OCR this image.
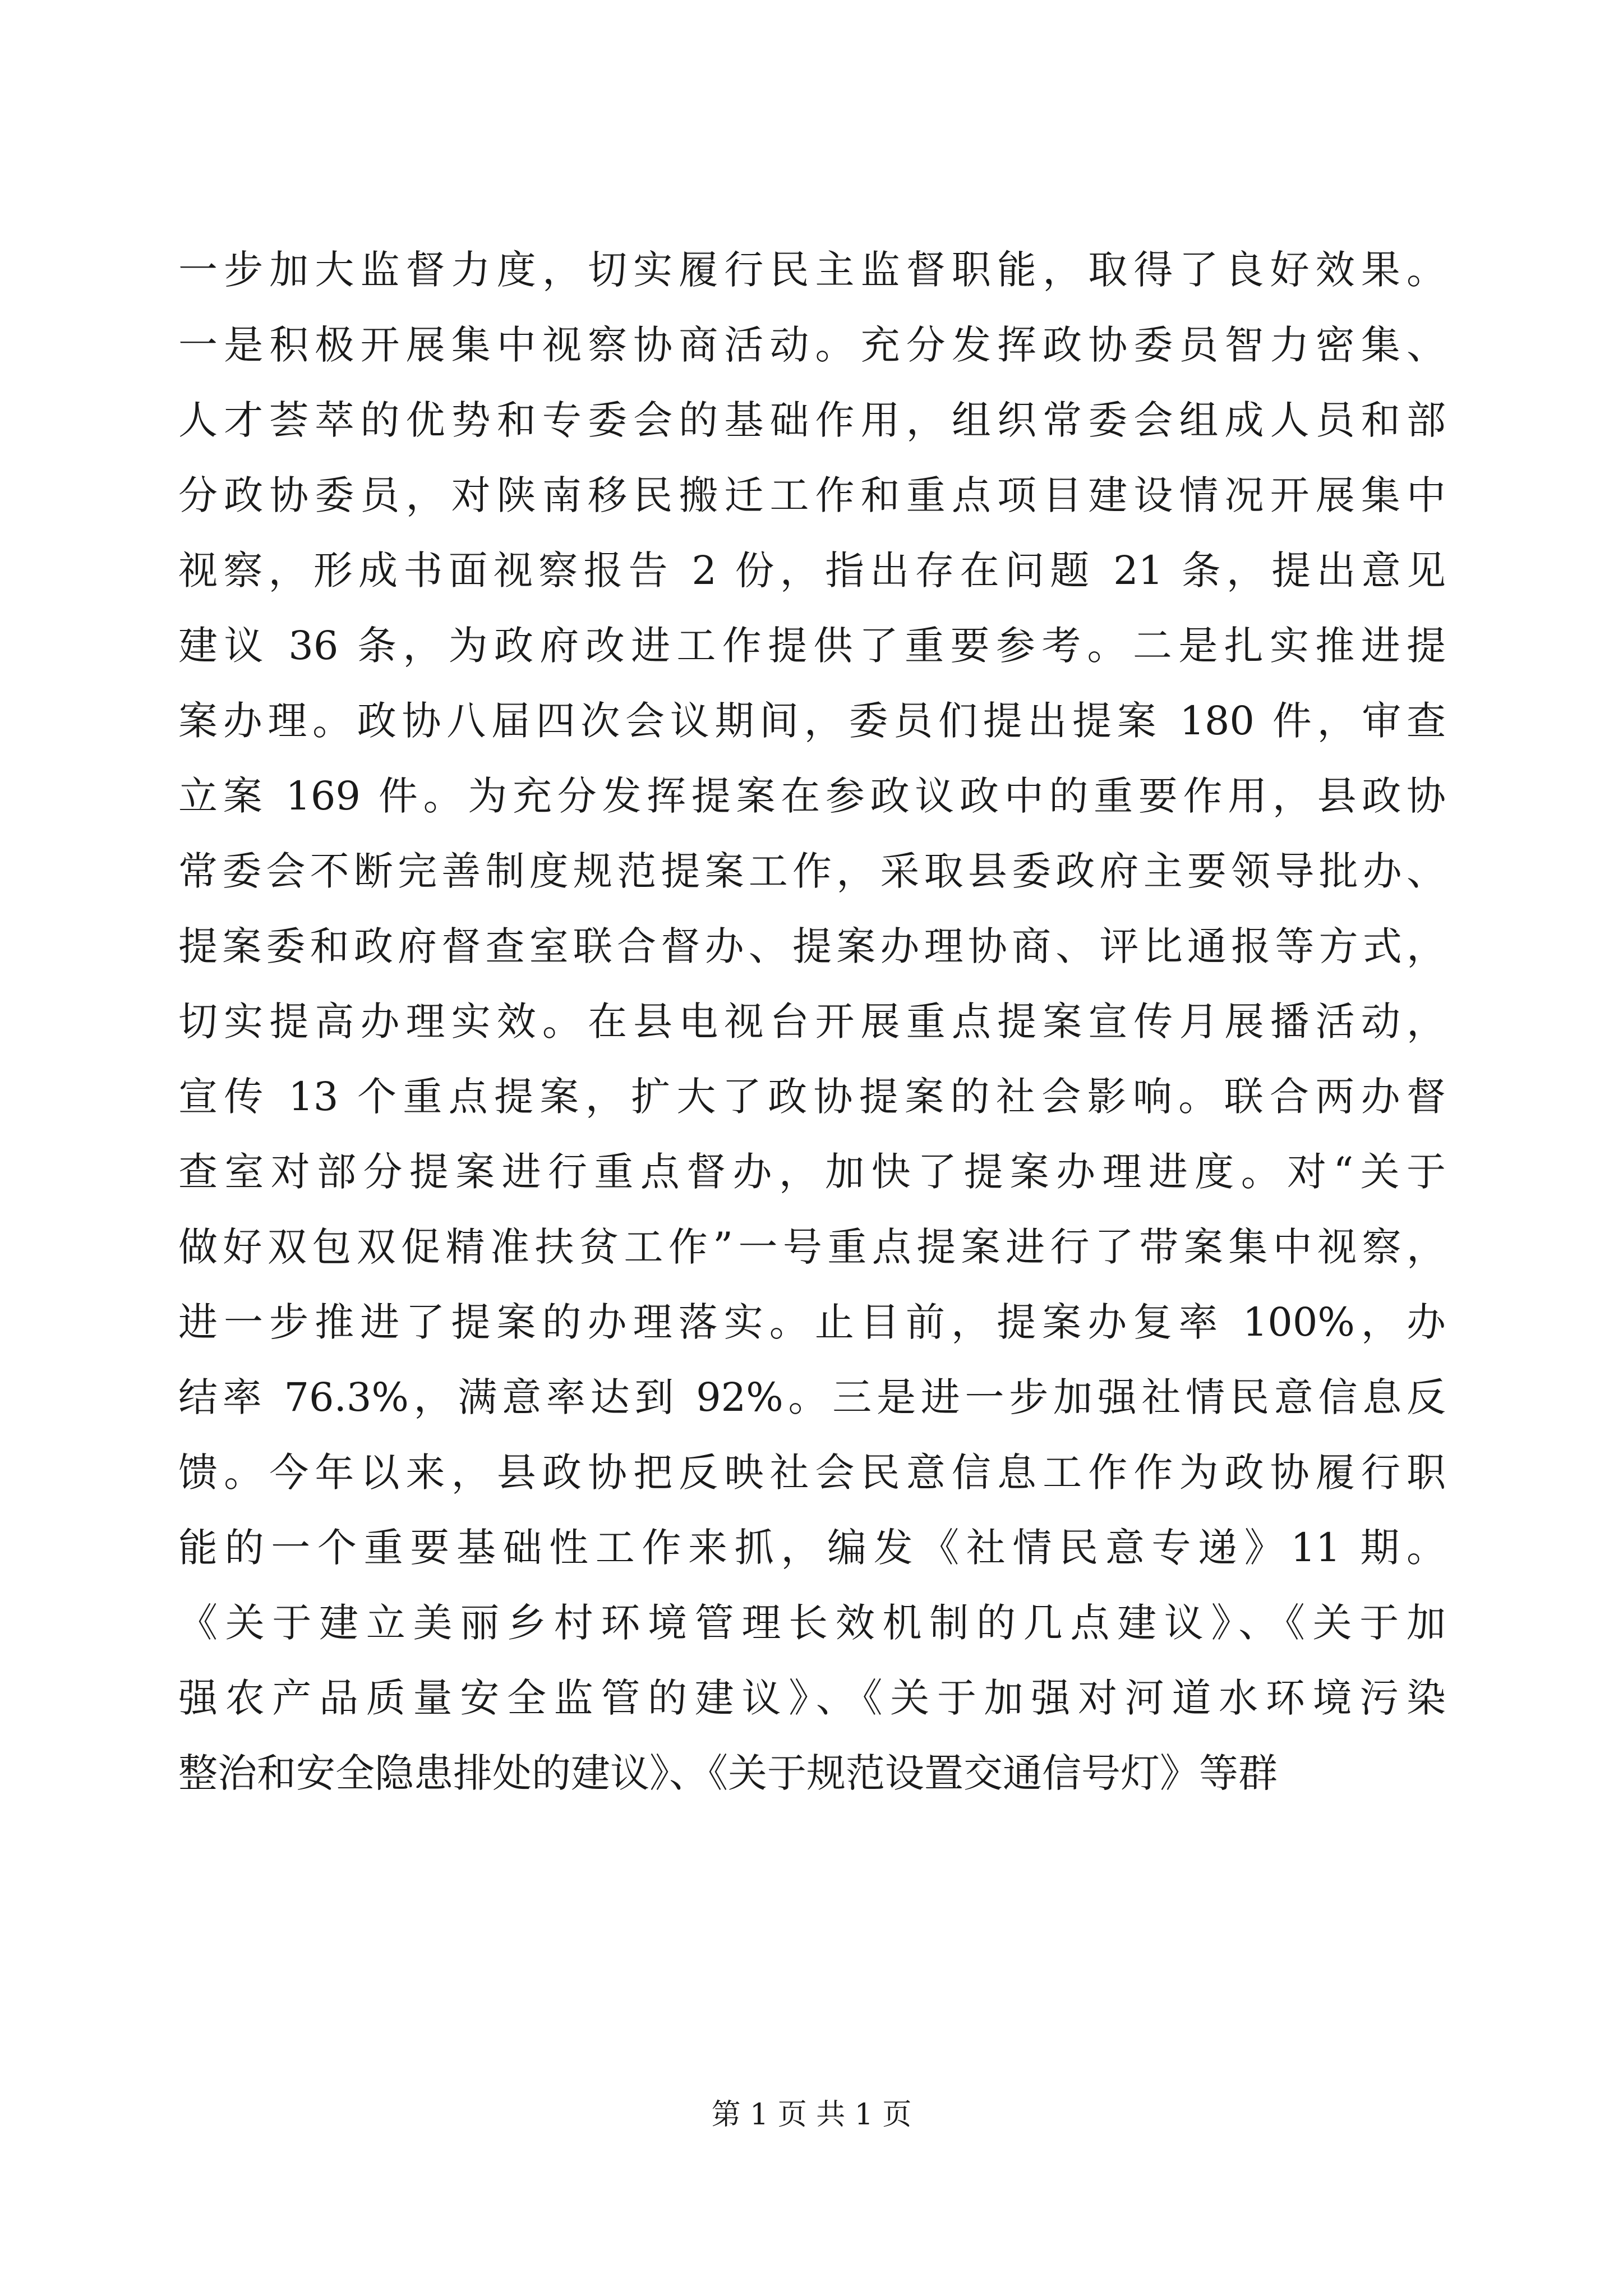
一步加大监督力度，切实履行民主监督职能，取得了良好效果。
一是积极开展集中视察协商活动。充分发挥政协委员智力密集、
人才荟萃的优势和专委会的基础作用，组织常委会组成人员和部
分政协委员，对陕南移民搬迁工作和重点项目建设情况开展集中
视察，形成书面视察报告 2 份，指出存在问题 21 条，提出意见
建议 36 条，为政府改进工作提供了重要参考。二是扎实推进提
案办理。政协八届四次会议期间，委员们提出提案 180 件，审查
立案 169 件。为充分发挥提案在参政议政中的重要作用，县政协
常委会不断完善制度规范提案工作，采取县委政府主要领导批办、
提案委和政府督查室联合督办、提案办理协商、评比通报等方式，
切实提高办理实效。在县电视台开展重点提案宣传月展播活动，
宣传 13 个重点提案，扩大了政协提案的社会影响。联合两办督
查室对部分提案进行重点督办，加快了提案办理进度。对“关于
做好双包双促精准扶贫工作”一号重点提案进行了带案集中视察，
进一步推进了提案的办理落实。止目前，提案办复率 100%，办
结率 76.3%，满意率达到 92%。三是进一步加强社情民意信息反
馈。今年以来，县政协把反映社会民意信息工作作为政协履行职
能的一个重要基础性工作来抓，编发《社情民意专递》11 期。
《关于建立美丽乡村环境管理长效机制的几点建议》、《关于加
强农产品质量安全监管的建议》、《关于加强对河道水环境污染
整治和安全隐患排处的建议》、《关于规范设置交通信号灯》等群
第 1 页 共 1 页
